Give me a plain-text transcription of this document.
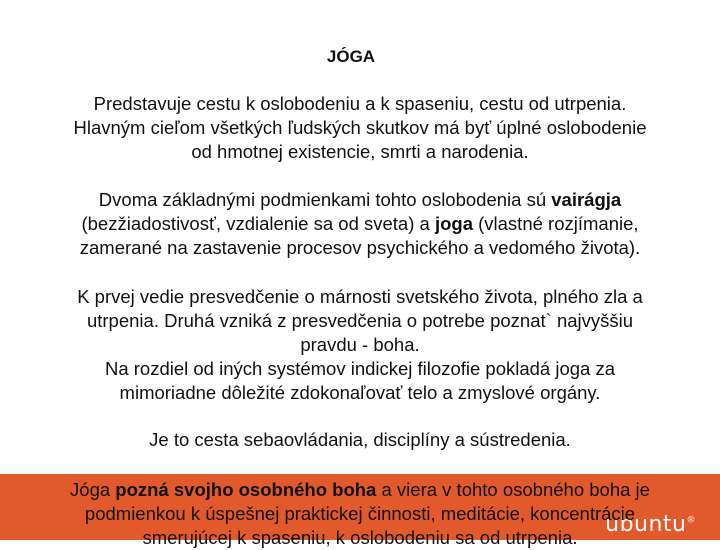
JÓGA

Predstavuje cestu k oslobodeniu a k spaseniu, cestu od utrpenia.
Hlavným cieľom všetkých ľudských skutkov má byť úplné oslobodenie
od hmotnej existencie, smrti a narodenia.

Dvoma základnými podmienkami tohto oslobodenia sú vairágja
(bezžiadostivosť, vzdialenie sa od sveta) a joga (vlastné rozjímanie,
zamerané na zastavenie procesov psychického a vedomého života).

K prvej vedie presvedčenie o márnosti svetského života, plného zla a
utrpenia. Druhá vzniká z presvedčenia o potrebe poznat` najvyššiu
pravdu - boha.
Na rozdiel od iných systémov indickej filozofie pokladá joga za
mimoriadne dôležité zdokonaľovať telo a zmyslové orgány.

Je to cesta sebaovládania, disciplíny a sústredenia.

ubuntu®

Jóga pozná svojho osobného boha a viera v tohto osobného boha je
podmienkou k úspešnej praktickej činnosti, meditácie, koncentrácie
smerujúcej k spaseniu, k oslobodeniu sa od utrpenia.
